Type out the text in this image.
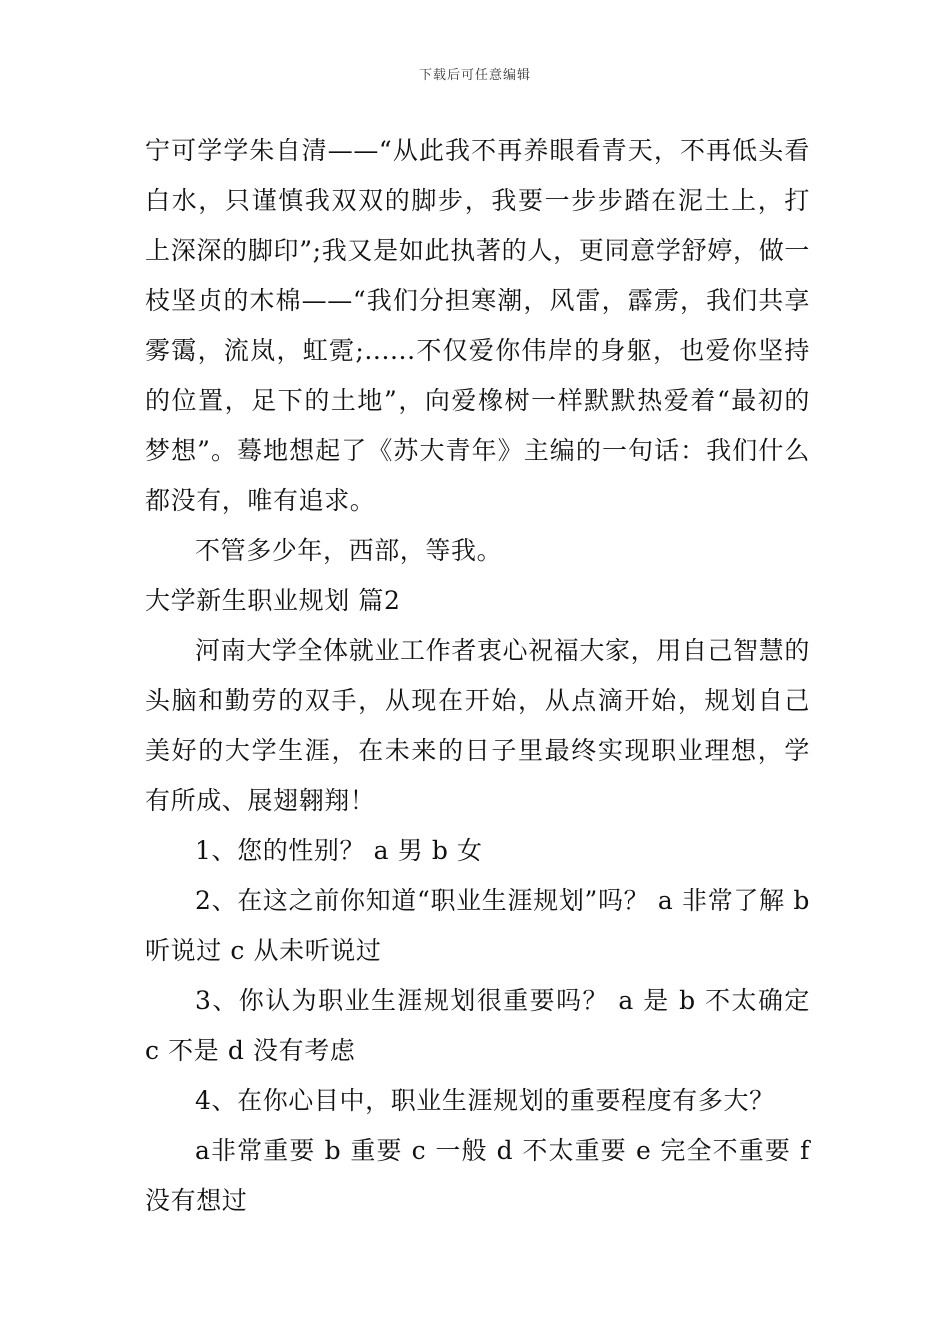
下载后可任意编辑

宁可学学朱自清——“从此我不再养眼看青天，不再低头看白水，只谨慎我双双的脚步，我要一步步踏在泥土上，打上深深的脚印”;我又是如此执著的人，更同意学舒婷，做一枝坚贞的木棉——“我们分担寒潮，风雷，霹雳，我们共享雾霭，流岚，虹霓;......不仅爱你伟岸的身躯，也爱你坚持的位置，足下的土地”，向爱橡树一样默默热爱着“最初的梦想”。蓦地想起了《苏大青年》主编的一句话：我们什么都没有，唯有追求。

不管多少年，西部，等我。

大学新生职业规划 篇2

河南大学全体就业工作者衷心祝福大家，用自己智慧的头脑和勤劳的双手，从现在开始，从点滴开始，规划自己美好的大学生涯，在未来的日子里最终实现职业理想，学有所成、展翅翱翔！

1、您的性别？ a 男 b 女

2、在这之前你知道“职业生涯规划”吗？ a 非常了解 b听说过 c 从未听说过

3、你认为职业生涯规划很重要吗？ a 是 b 不太确定 c 不是 d 没有考虑

4、在你心目中，职业生涯规划的重要程度有多大？

a非常重要 b 重要 c 一般 d 不太重要 e 完全不重要 f没有想过
